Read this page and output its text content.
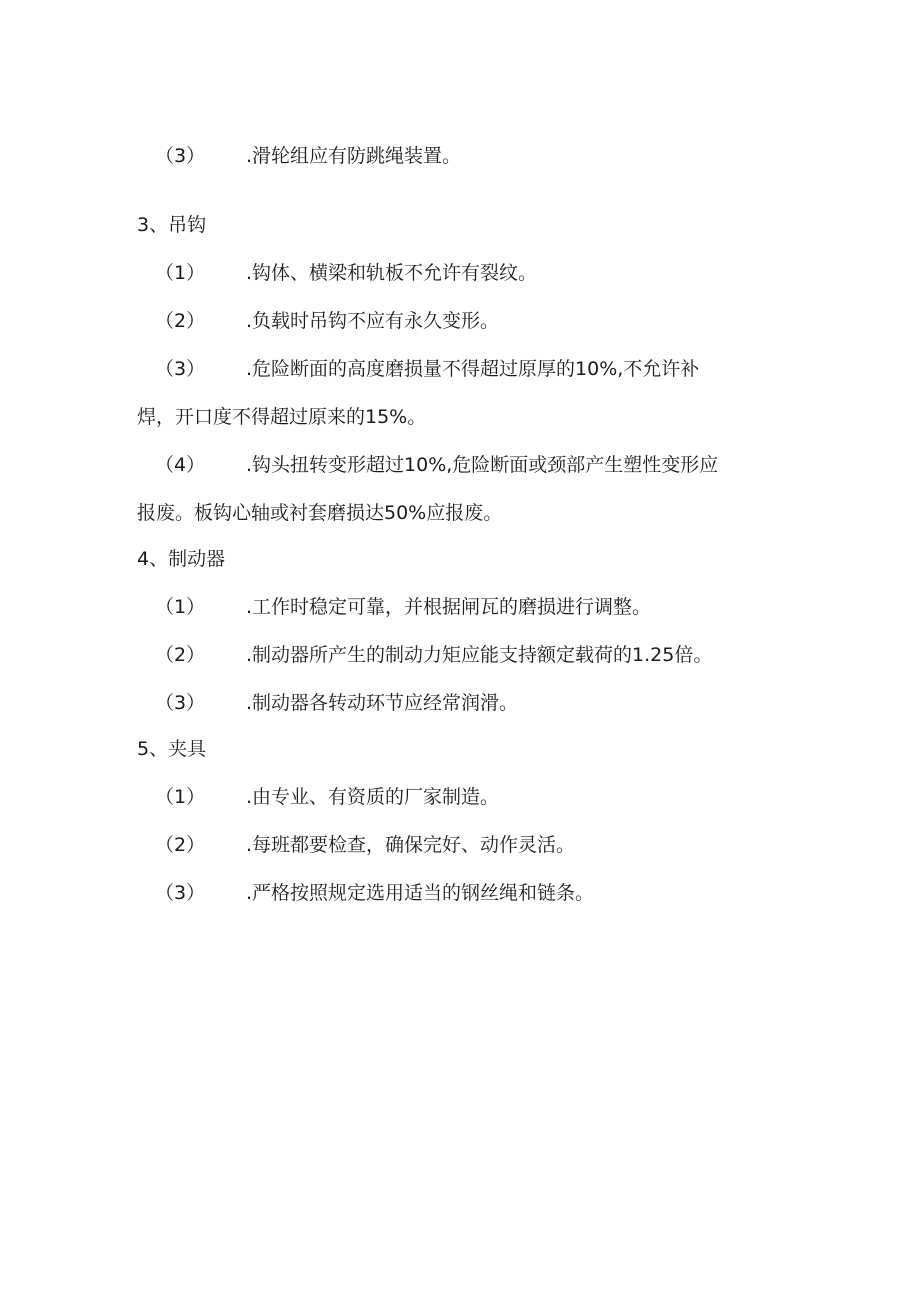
（3） .滑轮组应有防跳绳装置。
3、吊钩
（1） .钩体、横梁和轨板不允许有裂纹。
（2） .负载时吊钩不应有永久变形。
（3） .危险断面的高度磨损量不得超过原厚的10%,不允许补
焊，开口度不得超过原来的15%。
（4） .钩头扭转变形超过10%,危险断面或颈部产生塑性变形应
报废。板钩心轴或衬套磨损达50%应报废。
4、制动器
（1） .工作时稳定可靠，并根据闸瓦的磨损进行调整。
（2） .制动器所产生的制动力矩应能支持额定载荷的1.25倍。
（3） .制动器各转动环节应经常润滑。
5、夹具
（1） .由专业、有资质的厂家制造。
（2） .每班都要检查，确保完好、动作灵活。
（3） .严格按照规定选用适当的钢丝绳和链条。
